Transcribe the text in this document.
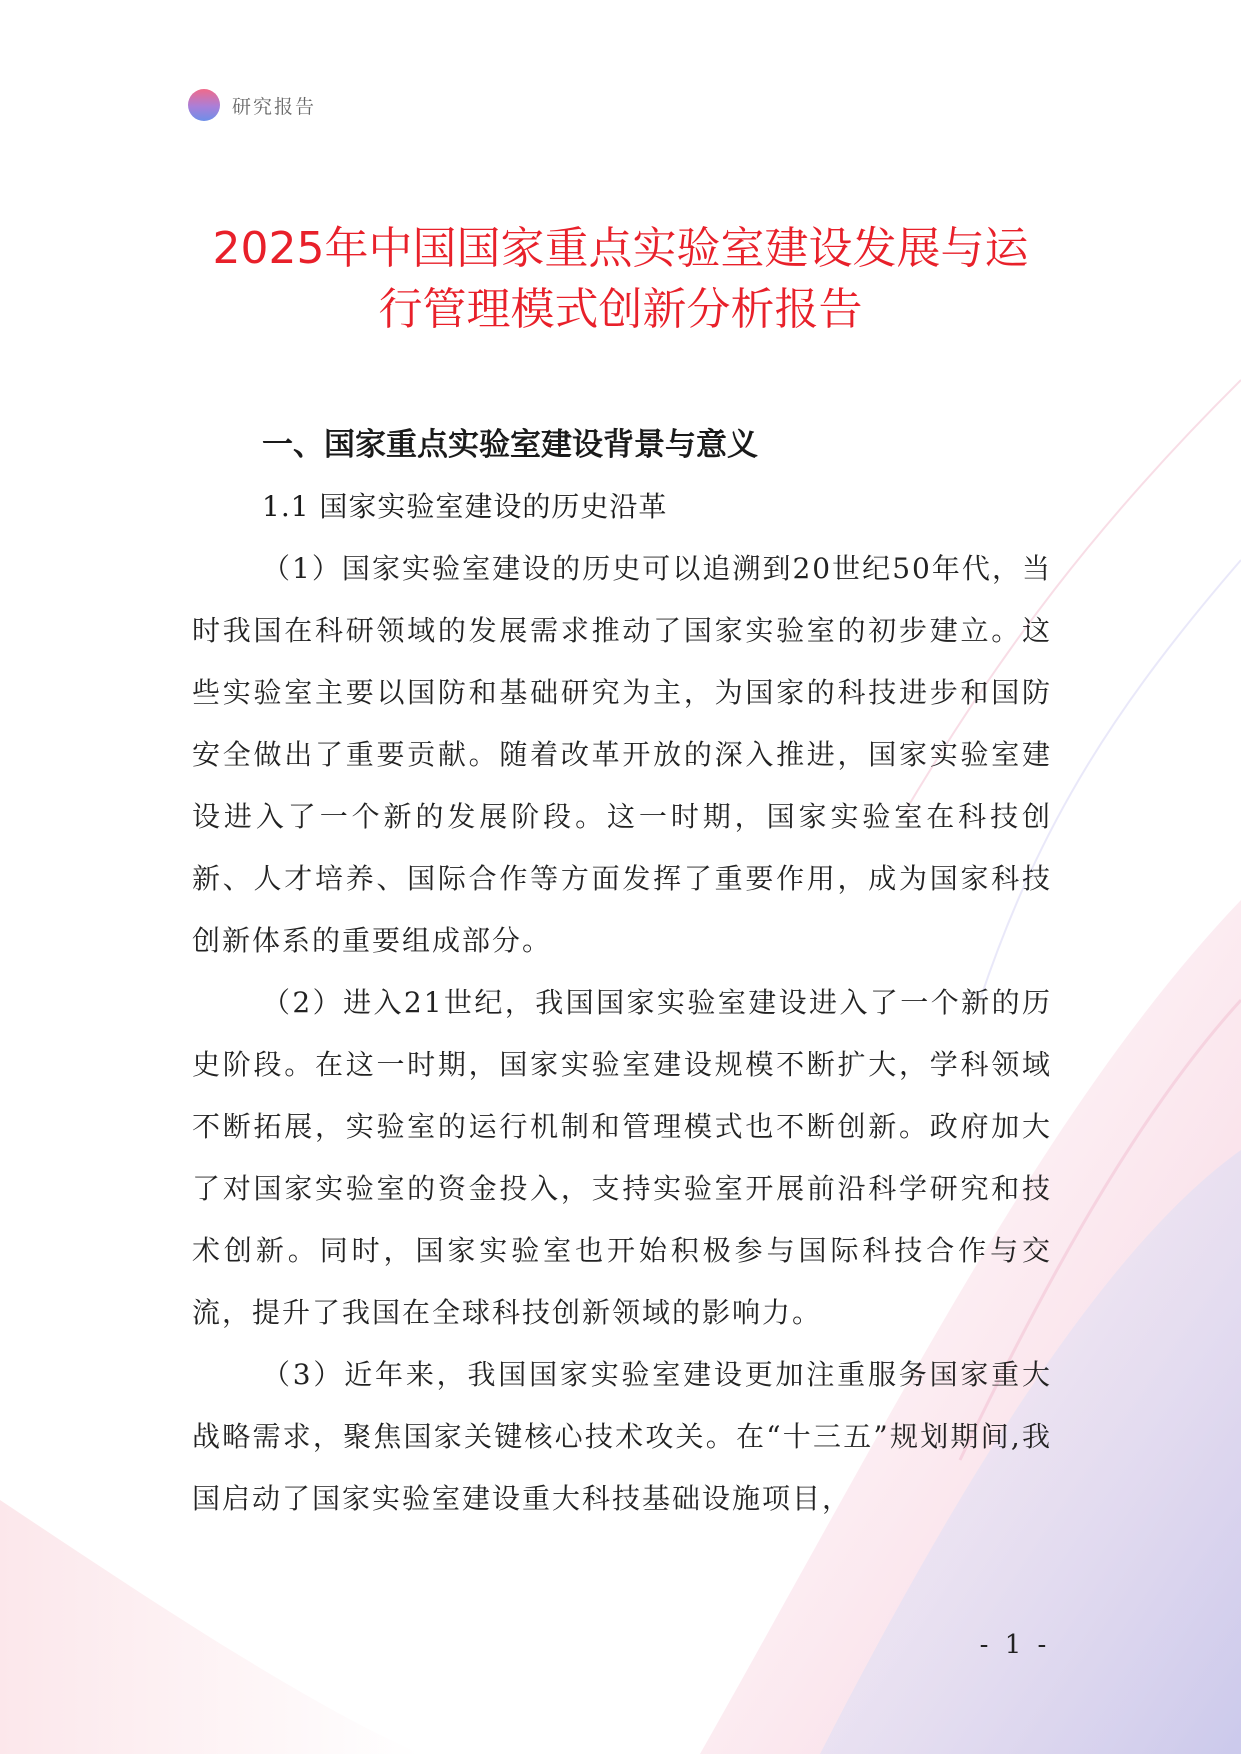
研究报告
2025年中国国家重点实验室建设发展与运
行管理模式创新分析报告
一、国家重点实验室建设背景与意义
1.1 国家实验室建设的历史沿革

（1）国家实验室建设的历史可以追溯到20世纪50年代，当时我国在科研领域的发展需求推动了国家实验室的初步建立。这些实验室主要以国防和基础研究为主，为国家的科技进步和国防安全做出了重要贡献。随着改革开放的深入推进，国家实验室建设进入了一个新的发展阶段。这一时期，国家实验室在科技创新、人才培养、国际合作等方面发挥了重要作用，成为国家科技创新体系的重要组成部分。

（2）进入21世纪，我国国家实验室建设进入了一个新的历史阶段。在这一时期，国家实验室建设规模不断扩大，学科领域不断拓展，实验室的运行机制和管理模式也不断创新。政府加大了对国家实验室的资金投入，支持实验室开展前沿科学研究和技术创新。同时，国家实验室也开始积极参与国际科技合作与交流，提升了我国在全球科技创新领域的影响力。

（3）近年来，我国国家实验室建设更加注重服务国家重大战略需求，聚焦国家关键核心技术攻关。在“十三五”规划期间,我国启动了国家实验室建设重大科技基础设施项目，

- 1 -
